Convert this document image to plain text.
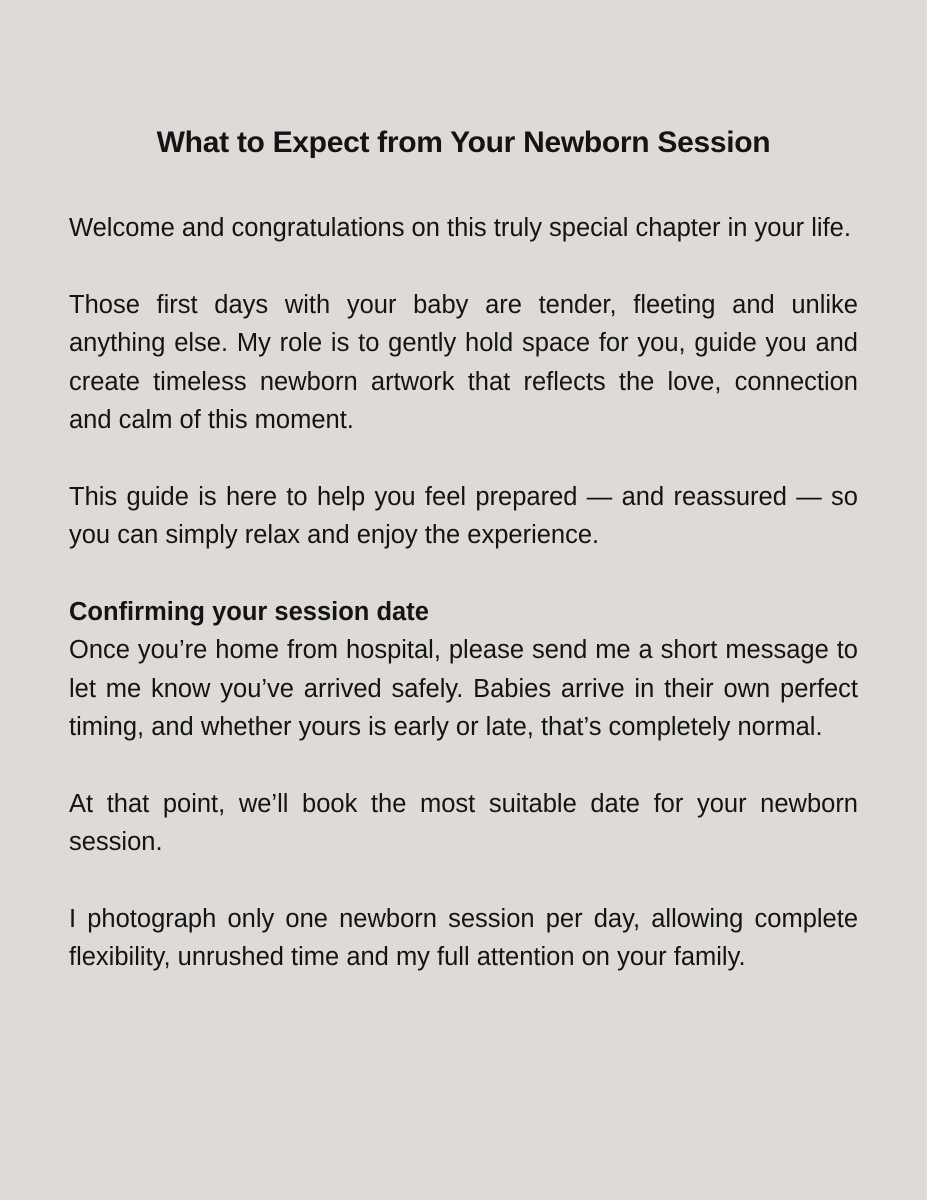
What to Expect from Your Newborn Session

Welcome and congratulations on this truly special chapter in your life.

Those first days with your baby are tender, fleeting and unlike anything else. My role is to gently hold space for you, guide you and create timeless newborn artwork that reflects the love, connection and calm of this moment.

This guide is here to help you feel prepared — and reassured — so you can simply relax and enjoy the experience.

Confirming your session date

Once you’re home from hospital, please send me a short message to let me know you’ve arrived safely. Babies arrive in their own perfect timing, and whether yours is early or late, that’s completely normal.

At that point, we’ll book the most suitable date for your newborn session.

I photograph only one newborn session per day, allowing complete flexibility, unrushed time and my full attention on your family.
